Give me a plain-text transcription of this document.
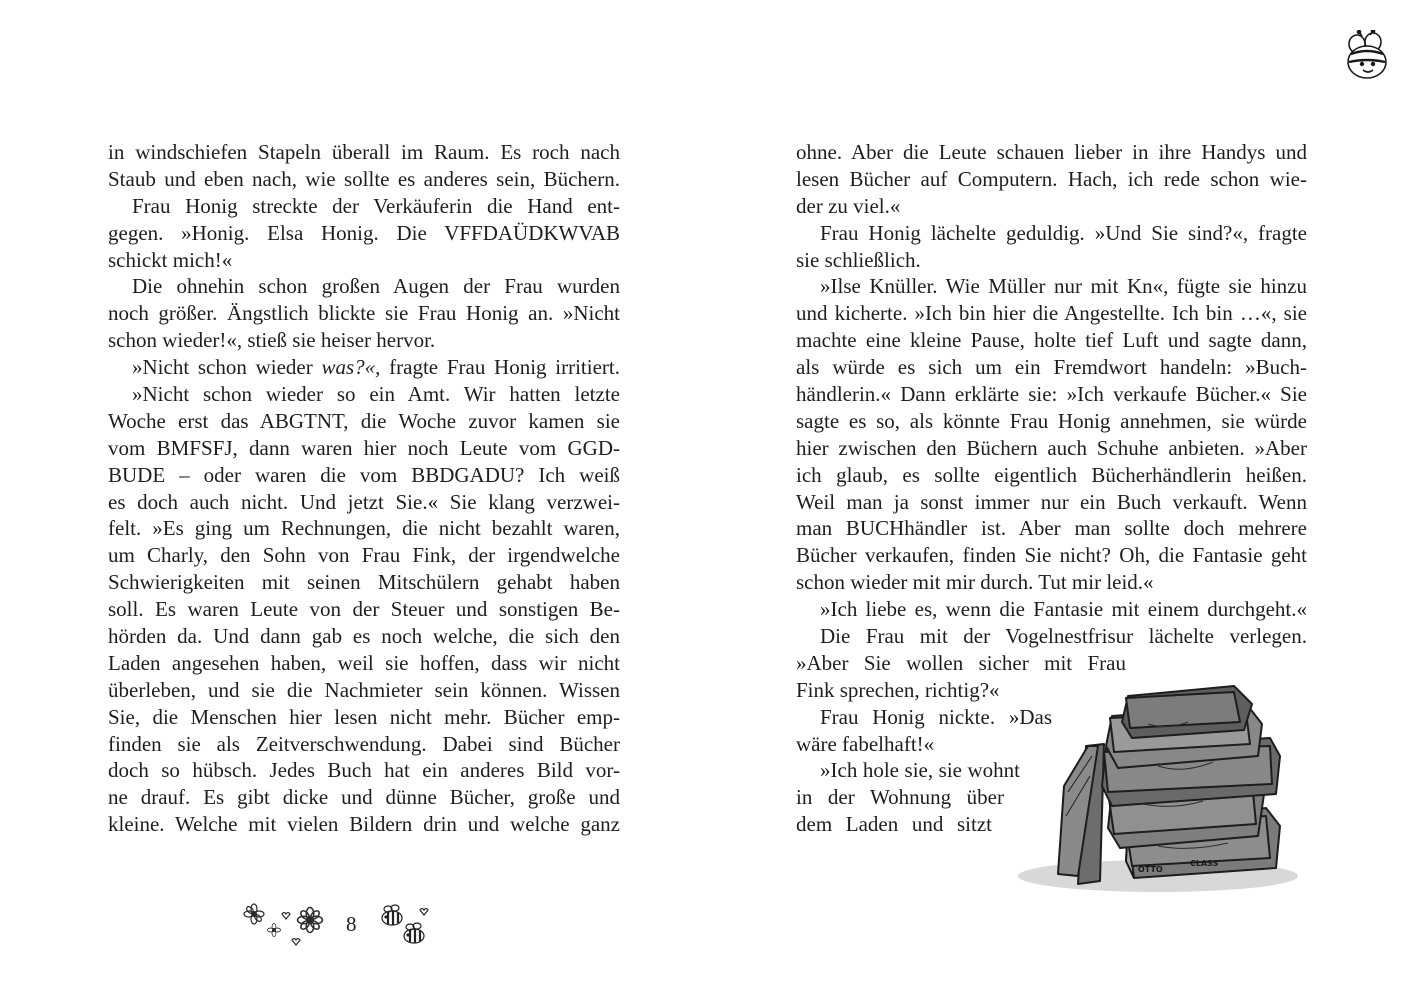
in windschiefen Stapeln überall im Raum. Es roch nach
Staub und eben nach, wie sollte es anderes sein, Büchern.
Frau Honig streckte der Verkäuferin die Hand ent-
gegen. »Honig. Elsa Honig. Die VFFDAÜDKWVAB
schickt mich!«
Die ohnehin schon großen Augen der Frau wurden
noch größer. Ängstlich blickte sie Frau Honig an. »Nicht
schon wieder!«, stieß sie heiser hervor.
»Nicht schon wieder was?«, fragte Frau Honig irritiert.
»Nicht schon wieder so ein Amt. Wir hatten letzte
Woche erst das ABGTNT, die Woche zuvor kamen sie
vom BMFSFJ, dann waren hier noch Leute vom GGD-
BUDE – oder waren die vom BBDGADU? Ich weiß
es doch auch nicht. Und jetzt Sie.« Sie klang verzwei-
felt. »Es ging um Rechnungen, die nicht bezahlt waren,
um Charly, den Sohn von Frau Fink, der irgendwelche
Schwierigkeiten mit seinen Mitschülern gehabt haben
soll. Es waren Leute von der Steuer und sonstigen Be-
hörden da. Und dann gab es noch welche, die sich den
Laden angesehen haben, weil sie hoffen, dass wir nicht
überleben, und sie die Nachmieter sein können. Wissen
Sie, die Menschen hier lesen nicht mehr. Bücher emp-
finden sie als Zeitverschwendung. Dabei sind Bücher
doch so hübsch. Jedes Buch hat ein anderes Bild vor-
ne drauf. Es gibt dicke und dünne Bücher, große und
kleine. Welche mit vielen Bildern drin und welche ganz
8
ohne. Aber die Leute schauen lieber in ihre Handys und
lesen Bücher auf Computern. Hach, ich rede schon wie-
der zu viel.«
Frau Honig lächelte geduldig. »Und Sie sind?«, fragte
sie schließlich.
»Ilse Knüller. Wie Müller nur mit Kn«, fügte sie hinzu
und kicherte. »Ich bin hier die Angestellte. Ich bin …«, sie
machte eine kleine Pause, holte tief Luft und sagte dann,
als würde es sich um ein Fremdwort handeln: »Buch-
händlerin.« Dann erklärte sie: »Ich verkaufe Bücher.« Sie
sagte es so, als könnte Frau Honig annehmen, sie würde
hier zwischen den Büchern auch Schuhe anbieten. »Aber
ich glaub, es sollte eigentlich Bücherhändlerin heißen.
Weil man ja sonst immer nur ein Buch verkauft. Wenn
man BUCHhändler ist. Aber man sollte doch mehrere
Bücher verkaufen, finden Sie nicht? Oh, die Fantasie geht
schon wieder mit mir durch. Tut mir leid.«
»Ich liebe es, wenn die Fantasie mit einem durchgeht.«
Die Frau mit der Vogelnestfrisur lächelte verlegen.
»Aber Sie wollen sicher mit Frau
Fink sprechen, richtig?«
Frau Honig nickte. »Das
wäre fabelhaft!«
»Ich hole sie, sie wohnt
in der Wohnung über
dem Laden und sitzt
OTTO
CLASS
